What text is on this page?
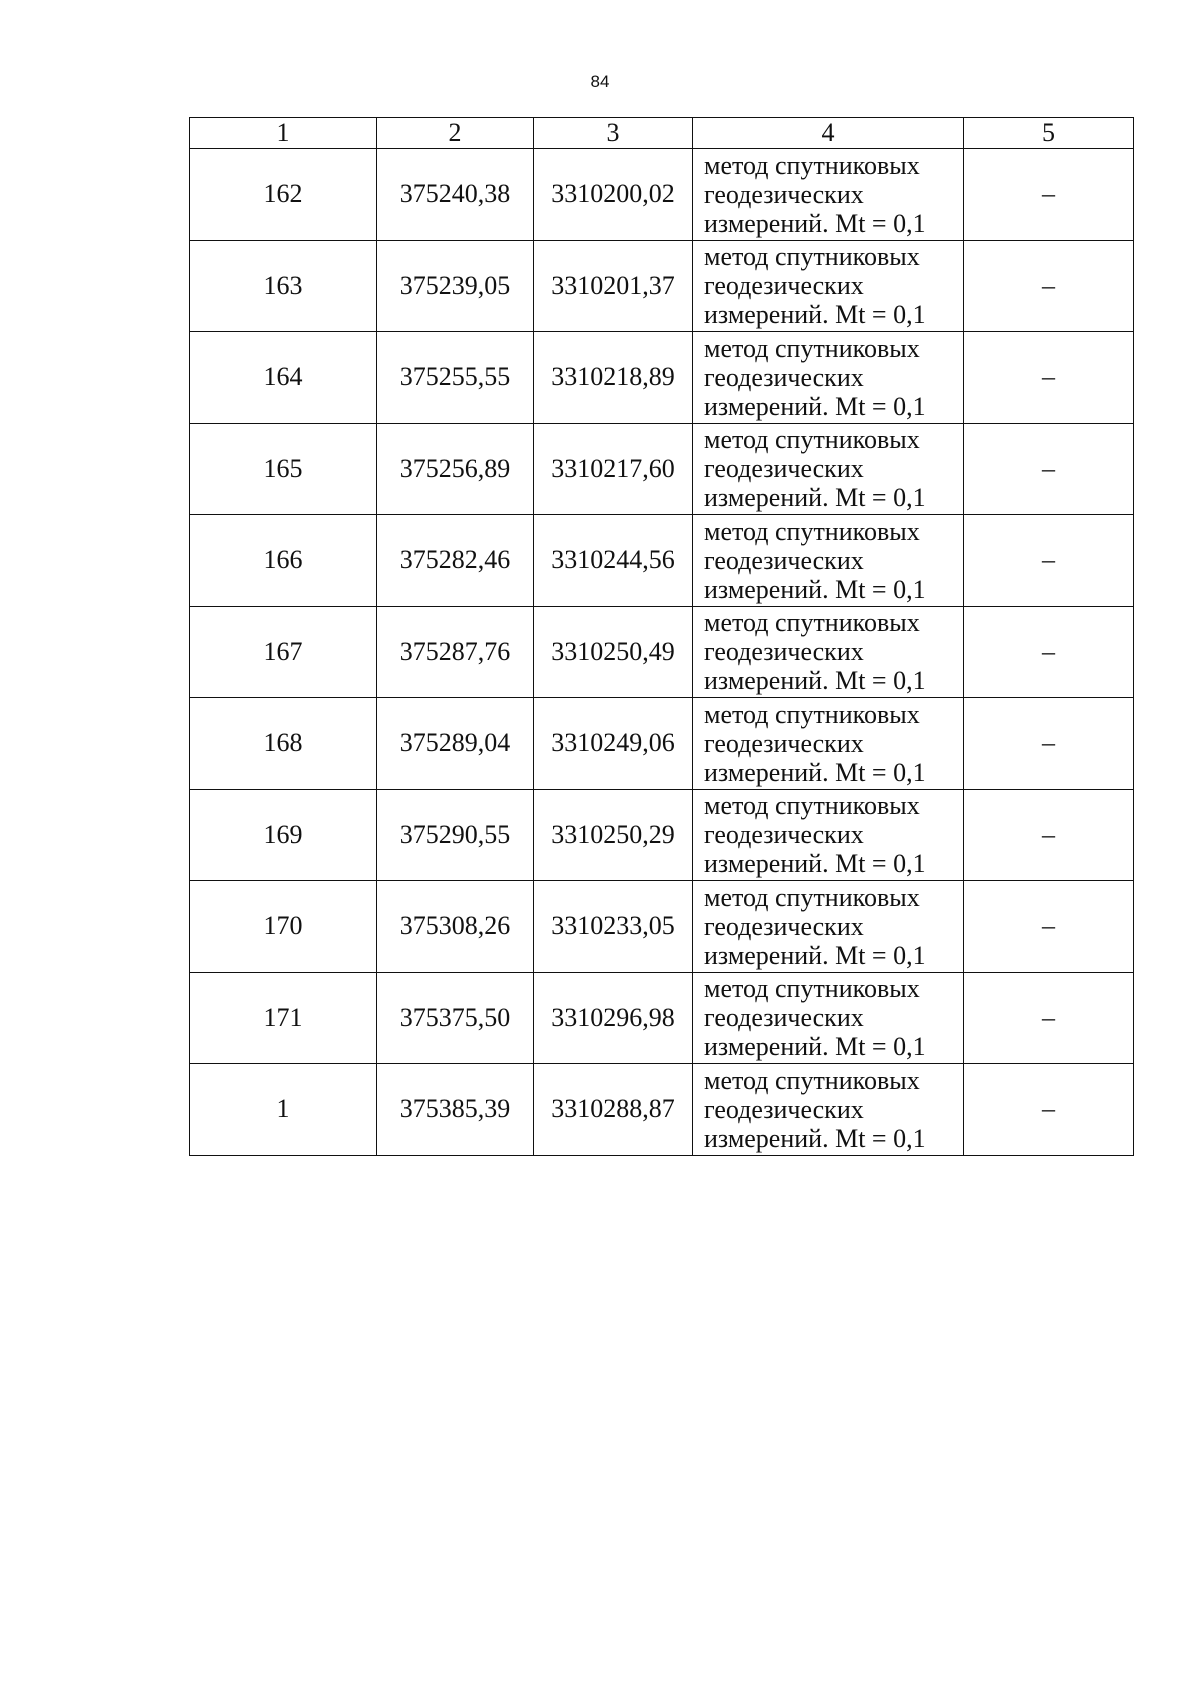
84
1	2	3	4	5
162	375240,38	3310200,02	метод спутниковых
геодезических
измерений. Mt = 0,1	–
163	375239,05	3310201,37	метод спутниковых
геодезических
измерений. Mt = 0,1	–
164	375255,55	3310218,89	метод спутниковых
геодезических
измерений. Mt = 0,1	–
165	375256,89	3310217,60	метод спутниковых
геодезических
измерений. Mt = 0,1	–
166	375282,46	3310244,56	метод спутниковых
геодезических
измерений. Mt = 0,1	–
167	375287,76	3310250,49	метод спутниковых
геодезических
измерений. Mt = 0,1	–
168	375289,04	3310249,06	метод спутниковых
геодезических
измерений. Mt = 0,1	–
169	375290,55	3310250,29	метод спутниковых
геодезических
измерений. Mt = 0,1	–
170	375308,26	3310233,05	метод спутниковых
геодезических
измерений. Mt = 0,1	–
171	375375,50	3310296,98	метод спутниковых
геодезических
измерений. Mt = 0,1	–
1	375385,39	3310288,87	метод спутниковых
геодезических
измерений. Mt = 0,1	–
